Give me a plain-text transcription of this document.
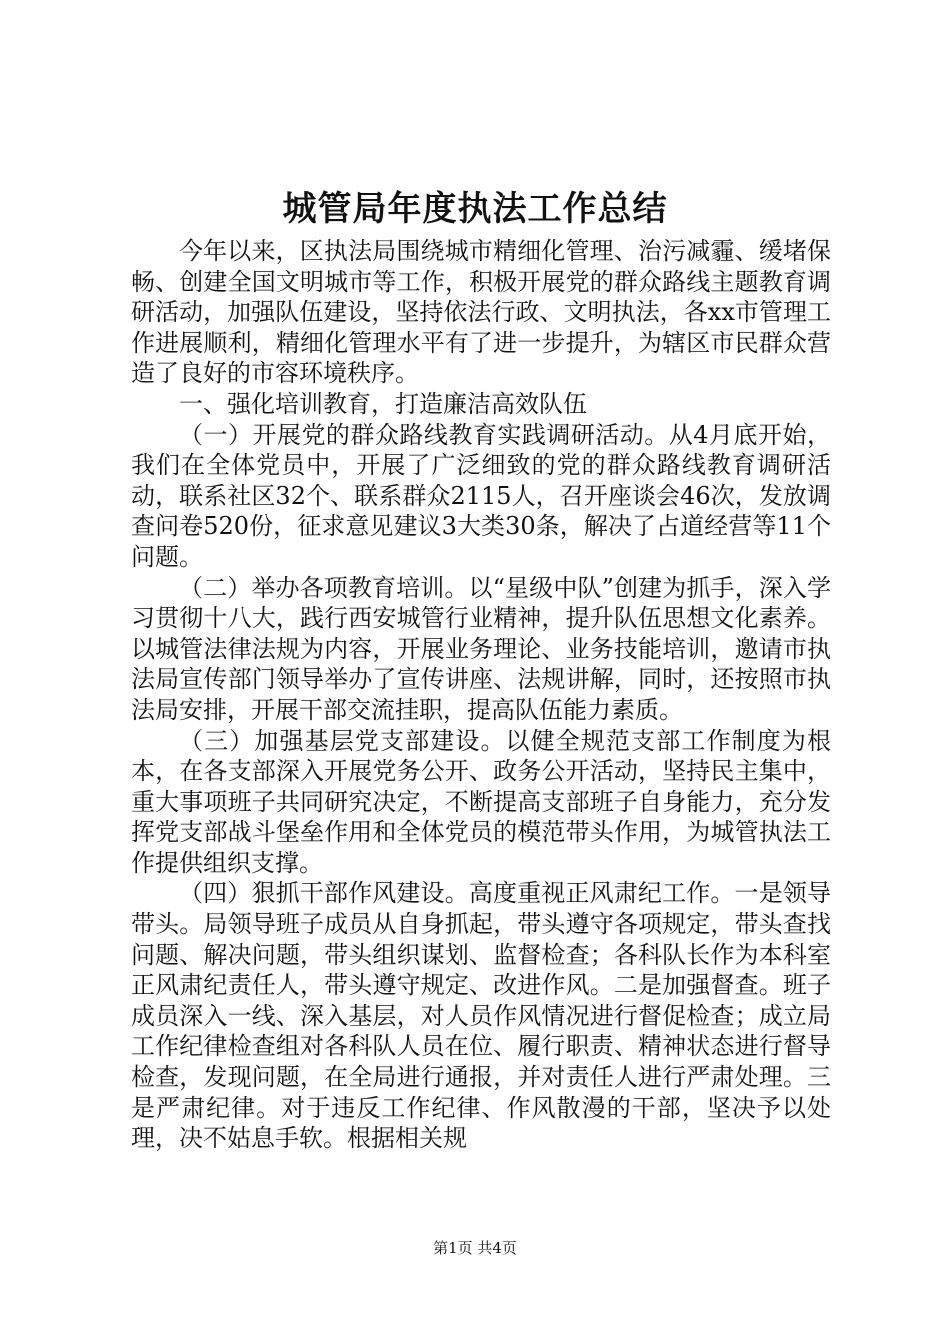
城管局年度执法工作总结

今年以来，区执法局围绕城市精细化管理、治污减霾、缓堵保畅、创建全国文明城市等工作，积极开展党的群众路线主题教育调研活动，加强队伍建设，坚持依法行政、文明执法，各xx市管理工作进展顺利，精细化管理水平有了进一步提升，为辖区市民群众营造了良好的市容环境秩序。

一、强化培训教育，打造廉洁高效队伍

（一）开展党的群众路线教育实践调研活动。从4月底开始，我们在全体党员中，开展了广泛细致的党的群众路线教育调研活动，联系社区32个、联系群众2115人，召开座谈会46次，发放调查问卷520份，征求意见建议3大类30条，解决了占道经营等11个问题。

（二）举办各项教育培训。以“星级中队”创建为抓手，深入学习贯彻十八大，践行西安城管行业精神，提升队伍思想文化素养。以城管法律法规为内容，开展业务理论、业务技能培训，邀请市执法局宣传部门领导举办了宣传讲座、法规讲解，同时，还按照市执法局安排，开展干部交流挂职，提高队伍能力素质。

（三）加强基层党支部建设。以健全规范支部工作制度为根本，在各支部深入开展党务公开、政务公开活动，坚持民主集中，重大事项班子共同研究决定，不断提高支部班子自身能力，充分发挥党支部战斗堡垒作用和全体党员的模范带头作用，为城管执法工作提供组织支撑。

（四）狠抓干部作风建设。高度重视正风肃纪工作。一是领导带头。局领导班子成员从自身抓起，带头遵守各项规定，带头查找问题、解决问题，带头组织谋划、监督检查；各科队长作为本科室正风肃纪责任人，带头遵守规定、改进作风。二是加强督查。班子成员深入一线、深入基层，对人员作风情况进行督促检查；成立局工作纪律检查组对各科队人员在位、履行职责、精神状态进行督导检查，发现问题，在全局进行通报，并对责任人进行严肃处理。三是严肃纪律。对于违反工作纪律、作风散漫的干部，坚决予以处理，决不姑息手软。根据相关规

第1页 共4页
